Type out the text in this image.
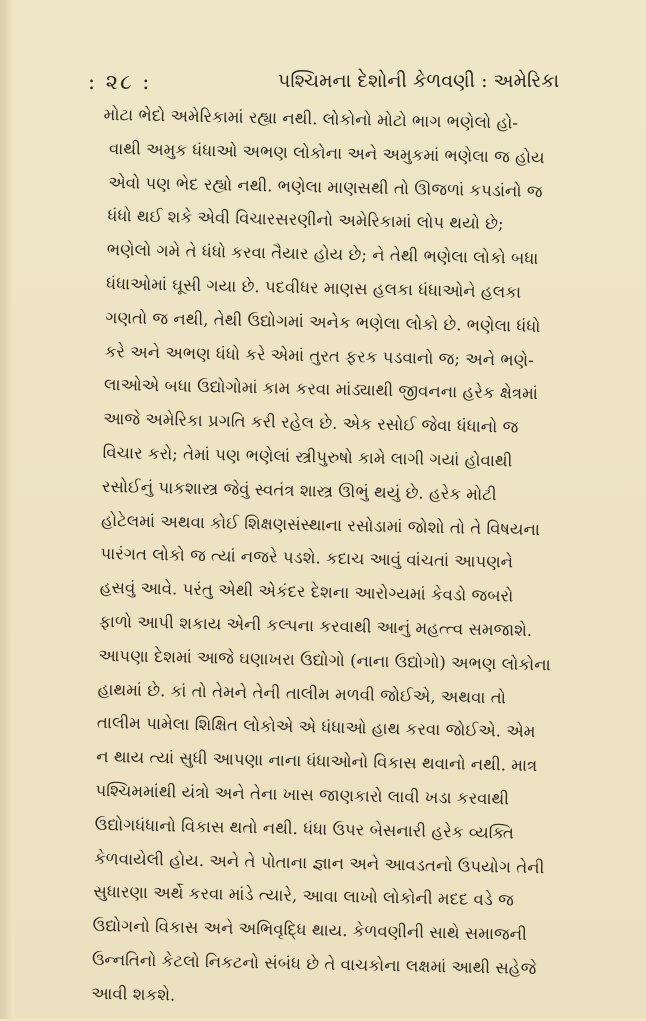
: ૨૮ :	પશ્ચિમના દેશોની કેળવણી : અમેરિકા
મોટા ભેદો અમેરિકામાં રહ્યા નથી. લોકોનો મોટો ભાગ ભણેલો હો-
વાથી અમુક ધંધાઓ અભણ લોકોના અને અમુકમાં ભણેલા જ હોય
એવો પણ ભેદ રહ્યો નથી. ભણેલા માણસથી તો ઊજળાં કપડાંનો જ
ધંધો થઈ શકે એવી વિચારસરણીનો અમેરિકામાં લોપ થયો છે;
ભણેલો ગમે તે ધંધો કરવા તૈયાર હોય છે; ને તેથી ભણેલા લોકો બધા
ધંધાઓમાં ઘૂસી ગયા છે. પદવીધર માણસ હલકા ધંધાઓને હલકા
ગણતો જ નથી, તેથી ઉદ્યોગમાં અનેક ભણેલા લોકો છે. ભણેલા ધંધો
કરે અને અભણ ધંધો કરે એમાં તુરત ફરક પડવાનો જ; અને ભણે-
લાઓએ બધા ઉદ્યોગોમાં કામ કરવા માંડ્યાથી જીવનના હરેક ક્ષેત્રમાં
આજે અમેરિકા પ્રગતિ કરી રહેલ છે. એક રસોઈ જેવા ધંધાનો જ
વિચાર કરો; તેમાં પણ ભણેલાં સ્ત્રીપુરુષો કામે લાગી ગયાં હોવાથી
રસોઈનું પાકશાસ્ત્ર જેવું સ્વતંત્ર શાસ્ત્ર ઊભું થયું છે. હરેક મોટી
હોટેલમાં અથવા કોઈ શિક્ષણસંસ્થાના રસોડામાં જોશો તો તે વિષયના
પારંગત લોકો જ ત્યાં નજરે પડશે. કદાચ આવું વાંચતાં આપણને
હસવું આવે. પરંતુ એથી એકંદર દેશના આરોગ્યમાં કેવડો જબરો
ફાળો આપી શકાય એની કલ્પના કરવાથી આનું મહત્ત્વ સમજાશે.
આપણા દેશમાં આજે ઘણાખરા ઉદ્યોગો (નાના ઉદ્યોગો) અભણ લોકોના
હાથમાં છે. કાં તો તેમને તેની તાલીમ મળવી જોઈએ, અથવા તો
તાલીમ પામેલા શિક્ષિત લોકોએ એ ધંધાઓ હાથ કરવા જોઈએ. એમ
ન થાય ત્યાં સુધી આપણા નાના ધંધાઓનો વિકાસ થવાનો નથી. માત્ર
પશ્ચિમમાંથી યંત્રો અને તેના ખાસ જાણકારો લાવી ખડા કરવાથી
ઉદ્યોગધંધાનો વિકાસ થતો નથી. ધંધા ઉપર બેસનારી હરેક વ્યક્તિ
કેળવાયેલી હોય. અને તે પોતાના જ્ઞાન અને આવડતનો ઉપયોગ તેની
સુધારણા અર્થે કરવા માંડે ત્યારે, આવા લાખો લોકોની મદદ વડે જ
ઉદ્યોગનો વિકાસ અને અભિવૃદ્ધિ થાય. કેળવણીની સાથે સમાજની
ઉન્નતિનો કેટલો નિકટનો સંબંધ છે તે વાચકોના લક્ષમાં આથી સહેજે
આવી શકશે.
